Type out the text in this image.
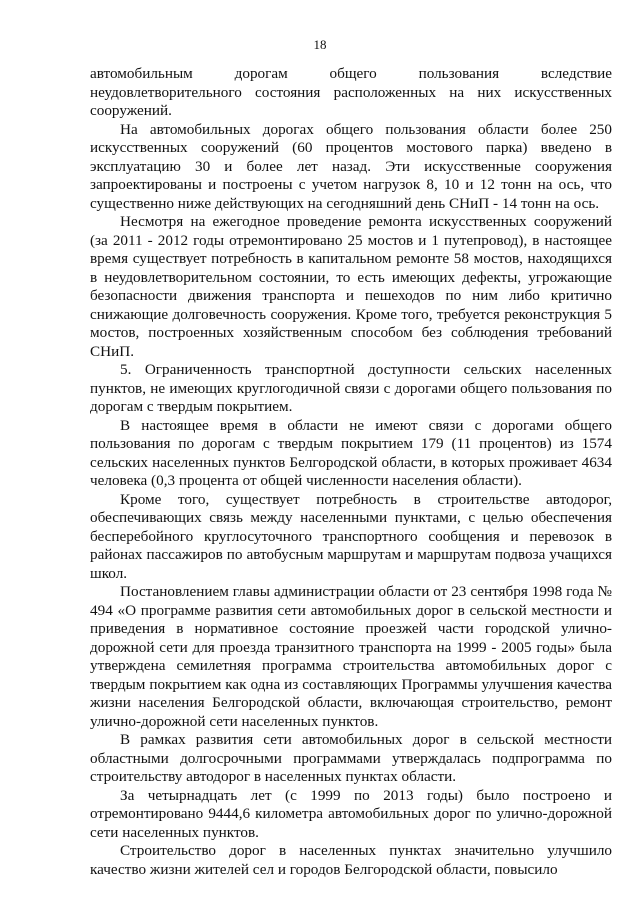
18

автомобильным дорогам общего пользования вследствие неудовлетворительного состояния расположенных на них искусственных сооружений.

На автомобильных дорогах общего пользования области более 250 искусственных сооружений (60 процентов мостового парка) введено в эксплуатацию 30 и более лет назад. Эти искусственные сооружения запроектированы и построены с учетом нагрузок 8, 10 и 12 тонн на ось, что существенно ниже действующих на сегодняшний день СНиП - 14 тонн на ось.

Несмотря на ежегодное проведение ремонта искусственных сооружений (за 2011 - 2012 годы отремонтировано 25 мостов и 1 путепровод), в настоящее время существует потребность в капитальном ремонте 58 мостов, находящихся в неудовлетворительном состоянии, то есть имеющих дефекты, угрожающие безопасности движения транспорта и пешеходов по ним либо критично снижающие долговечность сооружения. Кроме того, требуется реконструкция 5 мостов, построенных хозяйственным способом без соблюдения требований СНиП.

5. Ограниченность транспортной доступности сельских населенных пунктов, не имеющих круглогодичной связи с дорогами общего пользования по дорогам с твердым покрытием.

В настоящее время в области не имеют связи с дорогами общего пользования по дорогам с твердым покрытием 179 (11 процентов) из 1574 сельских населенных пунктов Белгородской области, в которых проживает 4634 человека (0,3 процента от общей численности населения области).

Кроме того, существует потребность в строительстве автодорог, обеспечивающих связь между населенными пунктами, с целью обеспечения бесперебойного круглосуточного транспортного сообщения и перевозок в районах пассажиров по автобусным маршрутам и маршрутам подвоза учащихся школ.

Постановлением главы администрации области от 23 сентября 1998 года № 494 «О программе развития сети автомобильных дорог в сельской местности и приведения в нормативное состояние проезжей части городской улично-дорожной сети для проезда транзитного транспорта на 1999 - 2005 годы» была утверждена семилетняя программа строительства автомобильных дорог с твердым покрытием как одна из составляющих Программы улучшения качества жизни населения Белгородской области, включающая строительство, ремонт улично-дорожной сети населенных пунктов.

В рамках развития сети автомобильных дорог в сельской местности областными долгосрочными программами утверждалась подпрограмма по строительству автодорог в населенных пунктах области.

За четырнадцать лет (с 1999 по 2013 годы) было построено и отремонтировано 9444,6 километра автомобильных дорог по улично-дорожной сети населенных пунктов.

Строительство дорог в населенных пунктах значительно улучшило качество жизни жителей сел и городов Белгородской области, повысило
